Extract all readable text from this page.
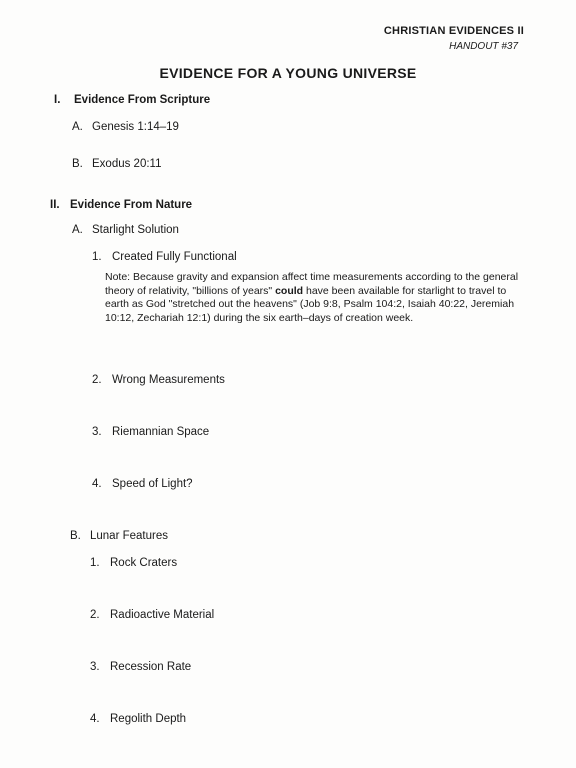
CHRISTIAN EVIDENCES II
HANDOUT #37
EVIDENCE FOR A YOUNG UNIVERSE
I. Evidence From Scripture
A. Genesis 1:14–19
B. Exodus 20:11
II. Evidence From Nature
A. Starlight Solution
1. Created Fully Functional
Note: Because gravity and expansion affect time measurements according to the general theory of relativity, "billions of years" could have been available for starlight to travel to earth as God "stretched out the heavens" (Job 9:8, Psalm 104:2, Isaiah 40:22, Jeremiah 10:12, Zechariah 12:1) during the six earth–days of creation week.
2. Wrong Measurements
3. Riemannian Space
4. Speed of Light?
B. Lunar Features
1. Rock Craters
2. Radioactive Material
3. Recession Rate
4. Regolith Depth
